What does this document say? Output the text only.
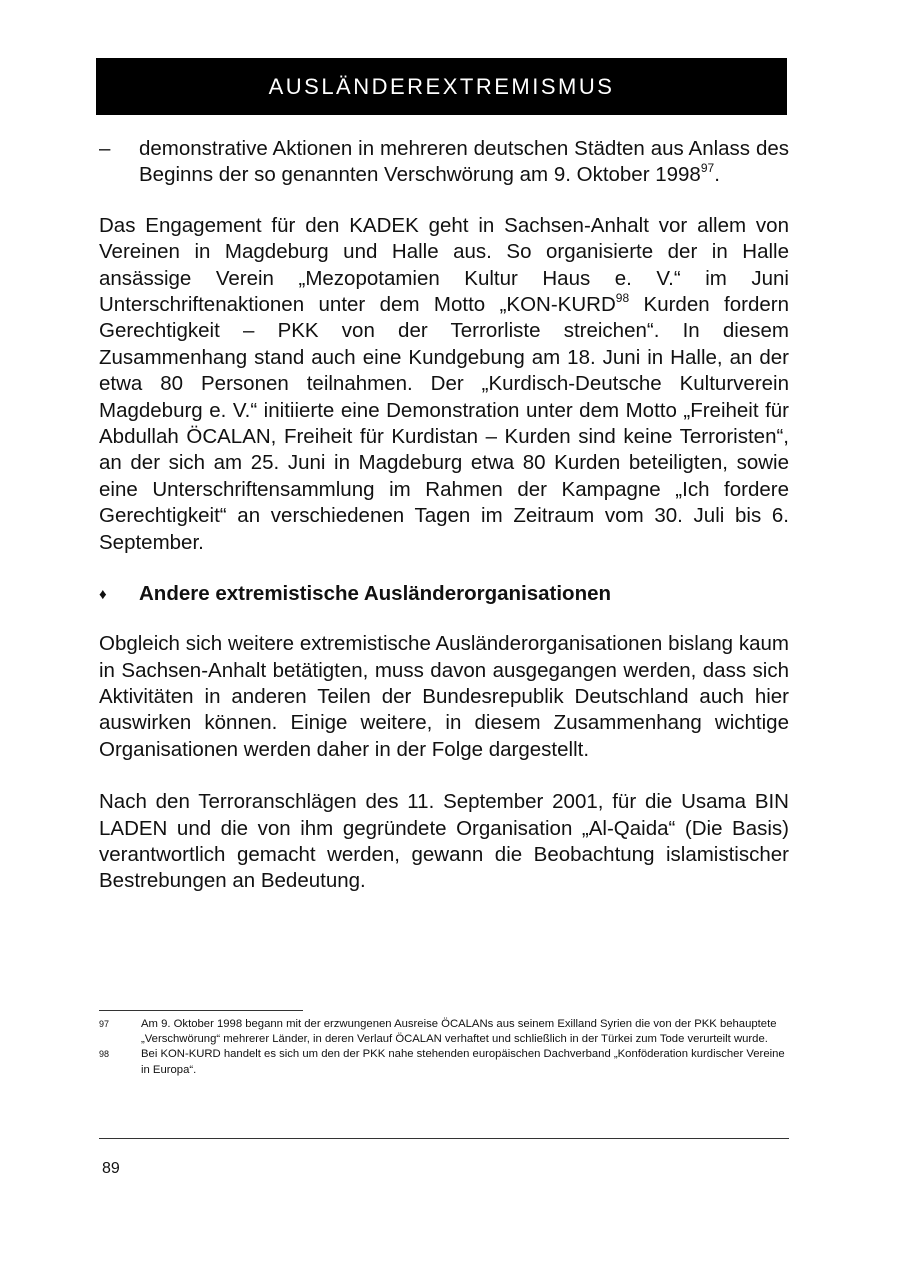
AUSLÄNDEREXTREMISMUS
–	demonstrative Aktionen in mehreren deutschen Städten aus Anlass des Beginns der so genannten Verschwörung am 9. Oktober 1998$^{97}$.

Das Engagement für den KADEK geht in Sachsen-Anhalt vor allem von Vereinen in Magdeburg und Halle aus. So organisierte der in Halle ansässige Verein „Mezopotamien Kultur Haus e. V.“ im Juni Unterschriftenaktionen unter dem Motto „KON-KURD$^{98}$ Kurden fordern Gerechtigkeit – PKK von der Terrorliste streichen“. In diesem Zusammenhang stand auch eine Kundgebung am 18. Juni in Halle, an der etwa 80 Personen teilnahmen. Der „Kurdisch-Deutsche Kulturverein Magdeburg e. V.“ initiierte eine Demonstration unter dem Motto „Freiheit für Abdullah ÖCALAN, Freiheit für Kurdistan – Kurden sind keine Terroristen“, an der sich am 25. Juni in Magdeburg etwa 80 Kurden beteiligten, sowie eine Unterschriftensammlung im Rahmen der Kampagne „Ich fordere Gerechtigkeit“ an verschiedenen Tagen im Zeitraum vom 30. Juli bis 6. September.

♦	Andere extremistische Ausländerorganisationen

Obgleich sich weitere extremistische Ausländerorganisationen bislang kaum in Sachsen-Anhalt betätigten, muss davon ausgegangen werden, dass sich Aktivitäten in anderen Teilen der Bundesrepublik Deutschland auch hier auswirken können. Einige weitere, in diesem Zusammenhang wichtige Organisationen werden daher in der Folge dargestellt.

Nach den Terroranschlägen des 11. September 2001, für die Usama BIN LADEN und die von ihm gegründete Organisation „Al-Qaida“ (Die Basis) verantwortlich gemacht werden, gewann die Beobachtung islamistischer Bestrebungen an Bedeutung.

97	Am 9. Oktober 1998 begann mit der erzwungenen Ausreise ÖCALANs aus seinem Exilland Syrien die von der PKK behauptete „Verschwörung“ mehrerer Länder, in deren Verlauf ÖCALAN verhaftet und schließlich in der Türkei zum Tode verurteilt wurde.
98	Bei KON-KURD handelt es sich um den der PKK nahe stehenden europäischen Dachverband „Konföderation kurdischer Vereine in Europa“.
89
